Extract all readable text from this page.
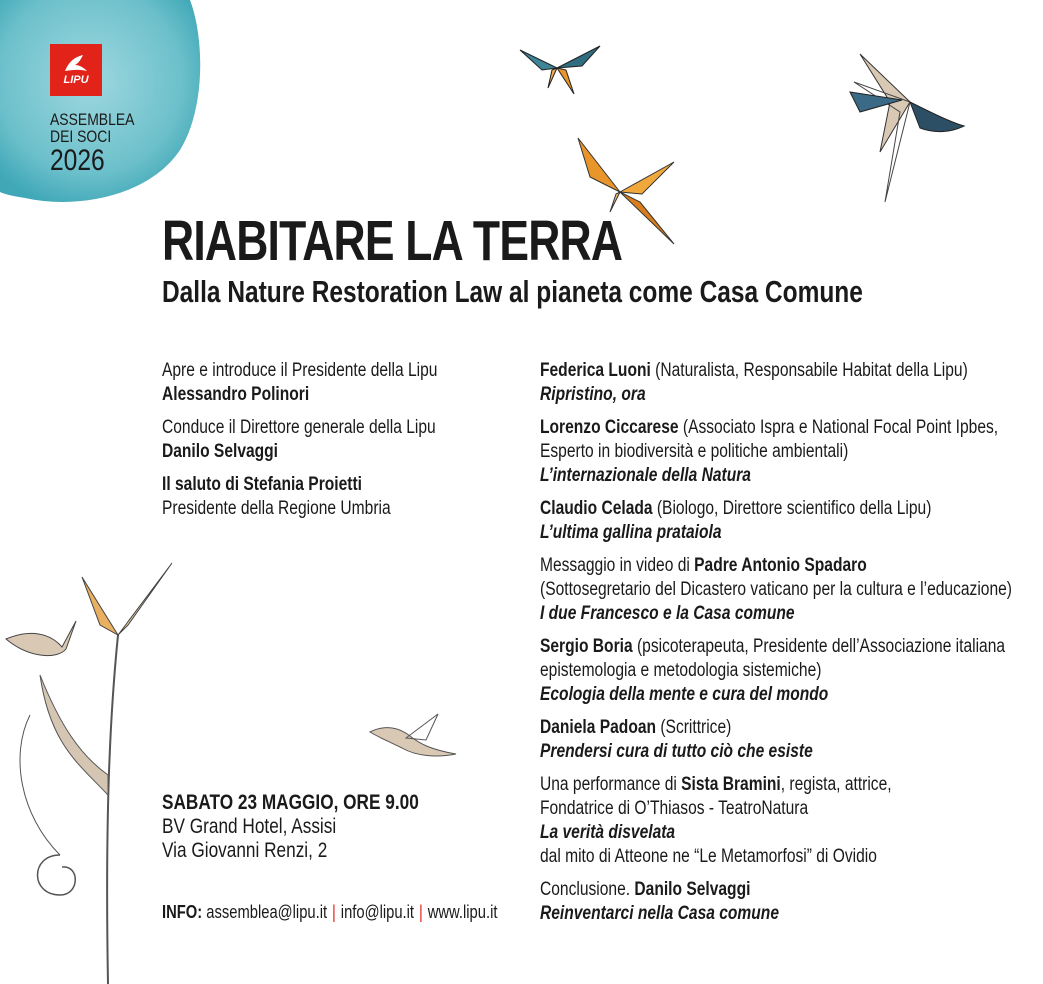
LIPU
ASSEMBLEA
DEI SOCI
2026
RIABITARE LA TERRA
Dalla Nature Restoration Law al pianeta come Casa Comune
Apre e introduce il Presidente della Lipu
Alessandro Polinori
Conduce il Direttore generale della Lipu
Danilo Selvaggi
Il saluto di Stefania Proietti
Presidente della Regione Umbria
Federica Luoni (Naturalista, Responsabile Habitat della Lipu)
Ripristino, ora
Lorenzo Ciccarese (Associato Ispra e National Focal Point Ipbes,
Esperto in biodiversità e politiche ambientali)
L’internazionale della Natura
Claudio Celada (Biologo, Direttore scientifico della Lipu)
L’ultima gallina prataiola
Messaggio in video di Padre Antonio Spadaro
(Sottosegretario del Dicastero vaticano per la cultura e l’educazione)
I due Francesco e la Casa comune
Sergio Boria (psicoterapeuta, Presidente dell’Associazione italiana
epistemologia e metodologia sistemiche)
Ecologia della mente e cura del mondo
Daniela Padoan (Scrittrice)
Prendersi cura di tutto ciò che esiste
Una performance di Sista Bramini, regista, attrice,
Fondatrice di O’Thiasos - TeatroNatura
La verità disvelata
dal mito di Atteone ne “Le Metamorfosi” di Ovidio
Conclusione. Danilo Selvaggi
Reinventarci nella Casa comune
SABATO 23 MAGGIO, ORE 9.00
BV Grand Hotel, Assisi
Via Giovanni Renzi, 2
INFO: assemblea@lipu.it | info@lipu.it | www.lipu.it
